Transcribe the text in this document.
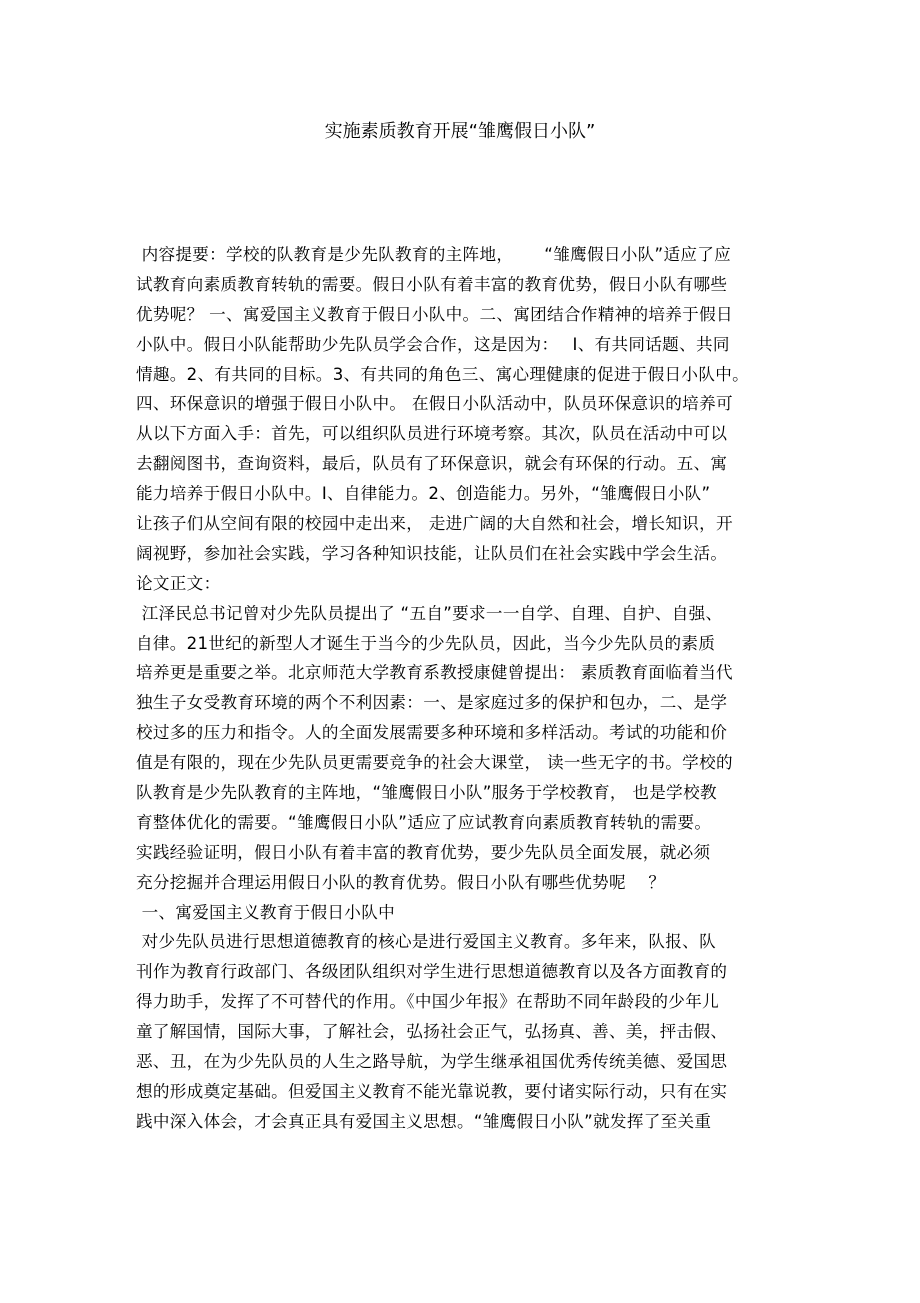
实施素质教育开展“雏鹰假日小队”
内容提要：学校的队教育是少先队教育的主阵地，　　 “雏鹰假日小队”适应了应
试教育向素质教育转轨的需要。假日小队有着丰富的教育优势，假日小队有哪些
优势呢？ 一、寓爱国主义教育于假日小队中。二、寓团结合作精神的培养于假日
小队中。假日小队能帮助少先队员学会合作，这是因为：　 I、有共同话题、共同
情趣。2、有共同的目标。3、有共同的角色三、寓心理健康的促进于假日小队中。
四、环保意识的增强于假日小队中。 在假日小队活动中，队员环保意识的培养可
从以下方面入手：首先，可以组织队员进行环境考察。其次，队员在活动中可以
去翻阅图书，查询资料，最后，队员有了环保意识，就会有环保的行动。五、寓
能力培养于假日小队中。I、自律能力。2、创造能力。另外，“雏鹰假日小队”
让孩子们从空间有限的校园中走出来， 走进广阔的大自然和社会，增长知识，开
阔视野，参加社会实践，学习各种知识技能，让队员们在社会实践中学会生活。
论文正文：
江泽民总书记曾对少先队员提出了 “五自”要求一一自学、自理、自护、自强、
自律。21世纪的新型人才诞生于当今的少先队员，因此，当今少先队员的素质
培养更是重要之举。北京师范大学教育系教授康健曾提出： 素质教育面临着当代
独生子女受教育环境的两个不利因素：一、是家庭过多的保护和包办，二、是学
校过多的压力和指令。人的全面发展需要多种环境和多样活动。考试的功能和价
值是有限的，现在少先队员更需要竞争的社会大课堂， 读一些无字的书。学校的
队教育是少先队教育的主阵地，“雏鹰假日小队”服务于学校教育， 也是学校教
育整体优化的需要。“雏鹰假日小队”适应了应试教育向素质教育转轨的需要。
实践经验证明，假日小队有着丰富的教育优势，要少先队员全面发展，就必须
充分挖掘并合理运用假日小队的教育优势。假日小队有哪些优势呢　 ？
一、寓爱国主义教育于假日小队中
对少先队员进行思想道德教育的核心是进行爱国主义教育。多年来，队报、队
刊作为教育行政部门、各级团队组织对学生进行思想道德教育以及各方面教育的
得力助手，发挥了不可替代的作用。《中国少年报》在帮助不同年龄段的少年儿
童了解国情，国际大事，了解社会，弘扬社会正气，弘扬真、善、美，抨击假、
恶、丑，在为少先队员的人生之路导航，为学生继承祖国优秀传统美德、爱国思
想的形成奠定基础。但爱国主义教育不能光靠说教，要付诸实际行动，只有在实
践中深入体会，才会真正具有爱国主义思想。“雏鹰假日小队”就发挥了至关重
